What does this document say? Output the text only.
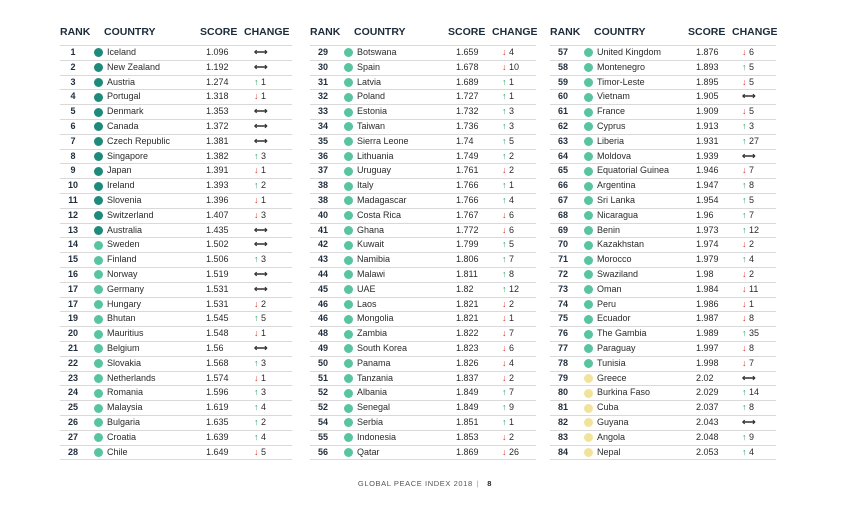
RANK COUNTRY	SCORE CHANGE
1	Iceland	1.096	⟷
2	New Zealand	1.192	⟷
3	Austria	1.274	↑ 1
4	Portugal	1.318	↓ 1
5	Denmark	1.353	⟷
6	Canada	1.372	⟷
7	Czech Republic	1.381	⟷
8	Singapore	1.382	↑ 3
9	Japan	1.391	↓ 1
10	Ireland	1.393	↑ 2
11	Slovenia	1.396	↓ 1
12	Switzerland	1.407	↓ 3
13	Australia	1.435	⟷
14	Sweden	1.502	⟷
15	Finland	1.506	↑ 3
16	Norway	1.519	⟷
17	Germany	1.531	⟷
17	Hungary	1.531	↓ 2
19	Bhutan	1.545	↑ 5
20	Mauritius	1.548	↓ 1
21	Belgium	1.56	⟷
22	Slovakia	1.568	↑ 3
23	Netherlands	1.574	↓ 1
24	Romania	1.596	↑ 3
25	Malaysia	1.619	↑ 4
26	Bulgaria	1.635	↑ 2
27	Croatia	1.639	↑ 4
28	Chile	1.649	↓ 5
RANK COUNTRY	SCORE CHANGE
29	Botswana	1.659	↓ 4
30	Spain	1.678	↓ 10
31	Latvia	1.689	↑ 1
32	Poland	1.727	↑ 1
33	Estonia	1.732	↑ 3
34	Taiwan	1.736	↑ 3
35	Sierra Leone	1.74	↑ 5
36	Lithuania	1.749	↑ 2
37	Uruguay	1.761	↓ 2
38	Italy	1.766	↑ 1
38	Madagascar	1.766	↑ 4
40	Costa Rica	1.767	↓ 6
41	Ghana	1.772	↓ 6
42	Kuwait	1.799	↑ 5
43	Namibia	1.806	↑ 7
44	Malawi	1.811	↑ 8
45	UAE	1.82	↑ 12
46	Laos	1.821	↓ 2
46	Mongolia	1.821	↓ 1
48	Zambia	1.822	↓ 7
49	South Korea	1.823	↓ 6
50	Panama	1.826	↓ 4
51	Tanzania	1.837	↓ 2
52	Albania	1.849	↑ 7
52	Senegal	1.849	↑ 9
54	Serbia	1.851	↑ 1
55	Indonesia	1.853	↓ 2
56	Qatar	1.869	↓ 26
RANK COUNTRY	SCORE CHANGE
57	United Kingdom	1.876	↓ 6
58	Montenegro	1.893	↑ 5
59	Timor-Leste	1.895	↓ 5
60	Vietnam	1.905 ⟷
61	France	1.909	↓ 5
62	Cyprus	1.913	↑ 3
63	Liberia	1.931	↑ 27
64	Moldova	1.939 ⟷
65	Equatorial Guinea	1.946	↓ 7
66	Argentina	1.947	↑ 8
67	Sri Lanka	1.954	↑ 5
68	Nicaragua	1.96	↑ 7
69	Benin	1.973	↑ 12
70	Kazakhstan	1.974	↓ 2
71	Morocco	1.979	↑ 4
72	Swaziland	1.98	↓ 2
73	Oman	1.984	↓ 11
74	Peru	1.986	↓ 1
75	Ecuador	1.987	↓ 8
76	The Gambia	1.989	↑ 35
77	Paraguay	1.997	↓ 8
78	Tunisia	1.998	↓ 7
79	Greece	2.02	⟷
80	Burkina Faso	2.029	↑ 14
81	Cuba	2.037	↑ 8
82	Guyana	2.043 ⟷
83	Angola	2.048	↑ 9
84	Nepal	2.053	↑ 4
GLOBAL PEACE INDEX 2018 | 8
